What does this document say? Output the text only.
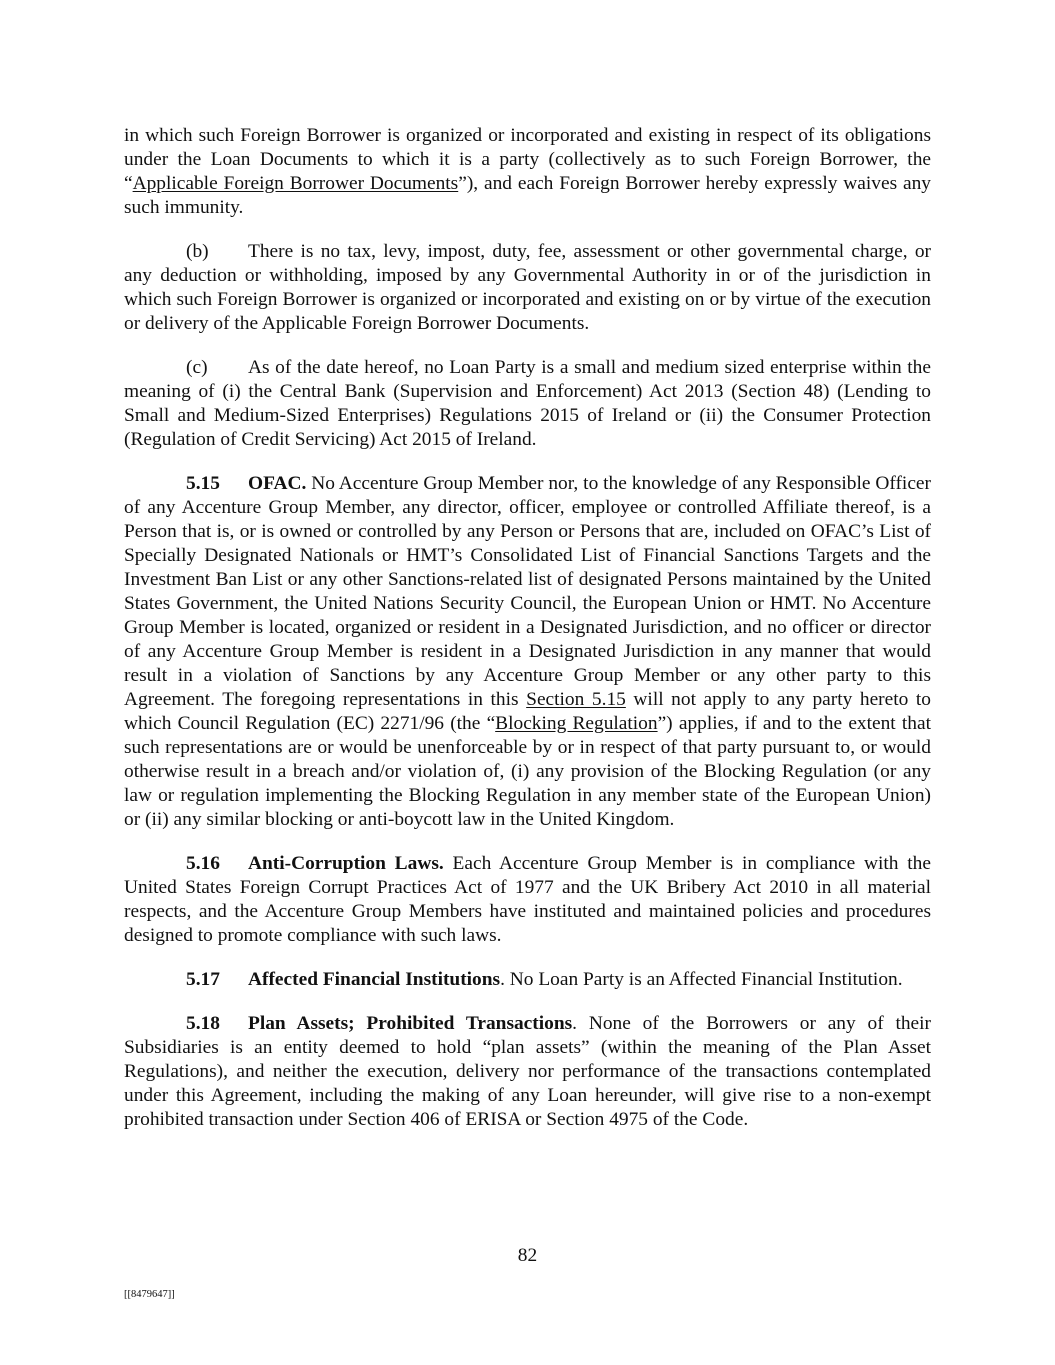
in which such Foreign Borrower is organized or incorporated and existing in respect of its obligations under the Loan Documents to which it is a party (collectively as to such Foreign Borrower, the “Applicable Foreign Borrower Documents”), and each Foreign Borrower hereby expressly waives any such immunity.

(b) There is no tax, levy, impost, duty, fee, assessment or other governmental charge, or any deduction or withholding, imposed by any Governmental Authority in or of the jurisdiction in which such Foreign Borrower is organized or incorporated and existing on or by virtue of the execution or delivery of the Applicable Foreign Borrower Documents.

(c) As of the date hereof, no Loan Party is a small and medium sized enterprise within the meaning of (i) the Central Bank (Supervision and Enforcement) Act 2013 (Section 48) (Lending to Small and Medium-Sized Enterprises) Regulations 2015 of Ireland or (ii) the Consumer Protection (Regulation of Credit Servicing) Act 2015 of Ireland.

5.15 OFAC. No Accenture Group Member nor, to the knowledge of any Responsible Officer of any Accenture Group Member, any director, officer, employee or controlled Affiliate thereof, is a Person that is, or is owned or controlled by any Person or Persons that are, included on OFAC’s List of Specially Designated Nationals or HMT’s Consolidated List of Financial Sanctions Targets and the Investment Ban List or any other Sanctions-related list of designated Persons maintained by the United States Government, the United Nations Security Council, the European Union or HMT. No Accenture Group Member is located, organized or resident in a Designated Jurisdiction, and no officer or director of any Accenture Group Member is resident in a Designated Jurisdiction in any manner that would result in a violation of Sanctions by any Accenture Group Member or any other party to this Agreement. The foregoing representations in this Section 5.15 will not apply to any party hereto to which Council Regulation (EC) 2271/96 (the “Blocking Regulation”) applies, if and to the extent that such representations are or would be unenforceable by or in respect of that party pursuant to, or would otherwise result in a breach and/or violation of, (i) any provision of the Blocking Regulation (or any law or regulation implementing the Blocking Regulation in any member state of the European Union) or (ii) any similar blocking or anti-boycott law in the United Kingdom.

5.16 Anti-Corruption Laws. Each Accenture Group Member is in compliance with the United States Foreign Corrupt Practices Act of 1977 and the UK Bribery Act 2010 in all material respects, and the Accenture Group Members have instituted and maintained policies and procedures designed to promote compliance with such laws.

5.17 Affected Financial Institutions. No Loan Party is an Affected Financial Institution.

5.18 Plan Assets; Prohibited Transactions. None of the Borrowers or any of their Subsidiaries is an entity deemed to hold “plan assets” (within the meaning of the Plan Asset Regulations), and neither the execution, delivery nor performance of the transactions contemplated under this Agreement, including the making of any Loan hereunder, will give rise to a non-exempt prohibited transaction under Section 406 of ERISA or Section 4975 of the Code.

82
[[8479647]]
